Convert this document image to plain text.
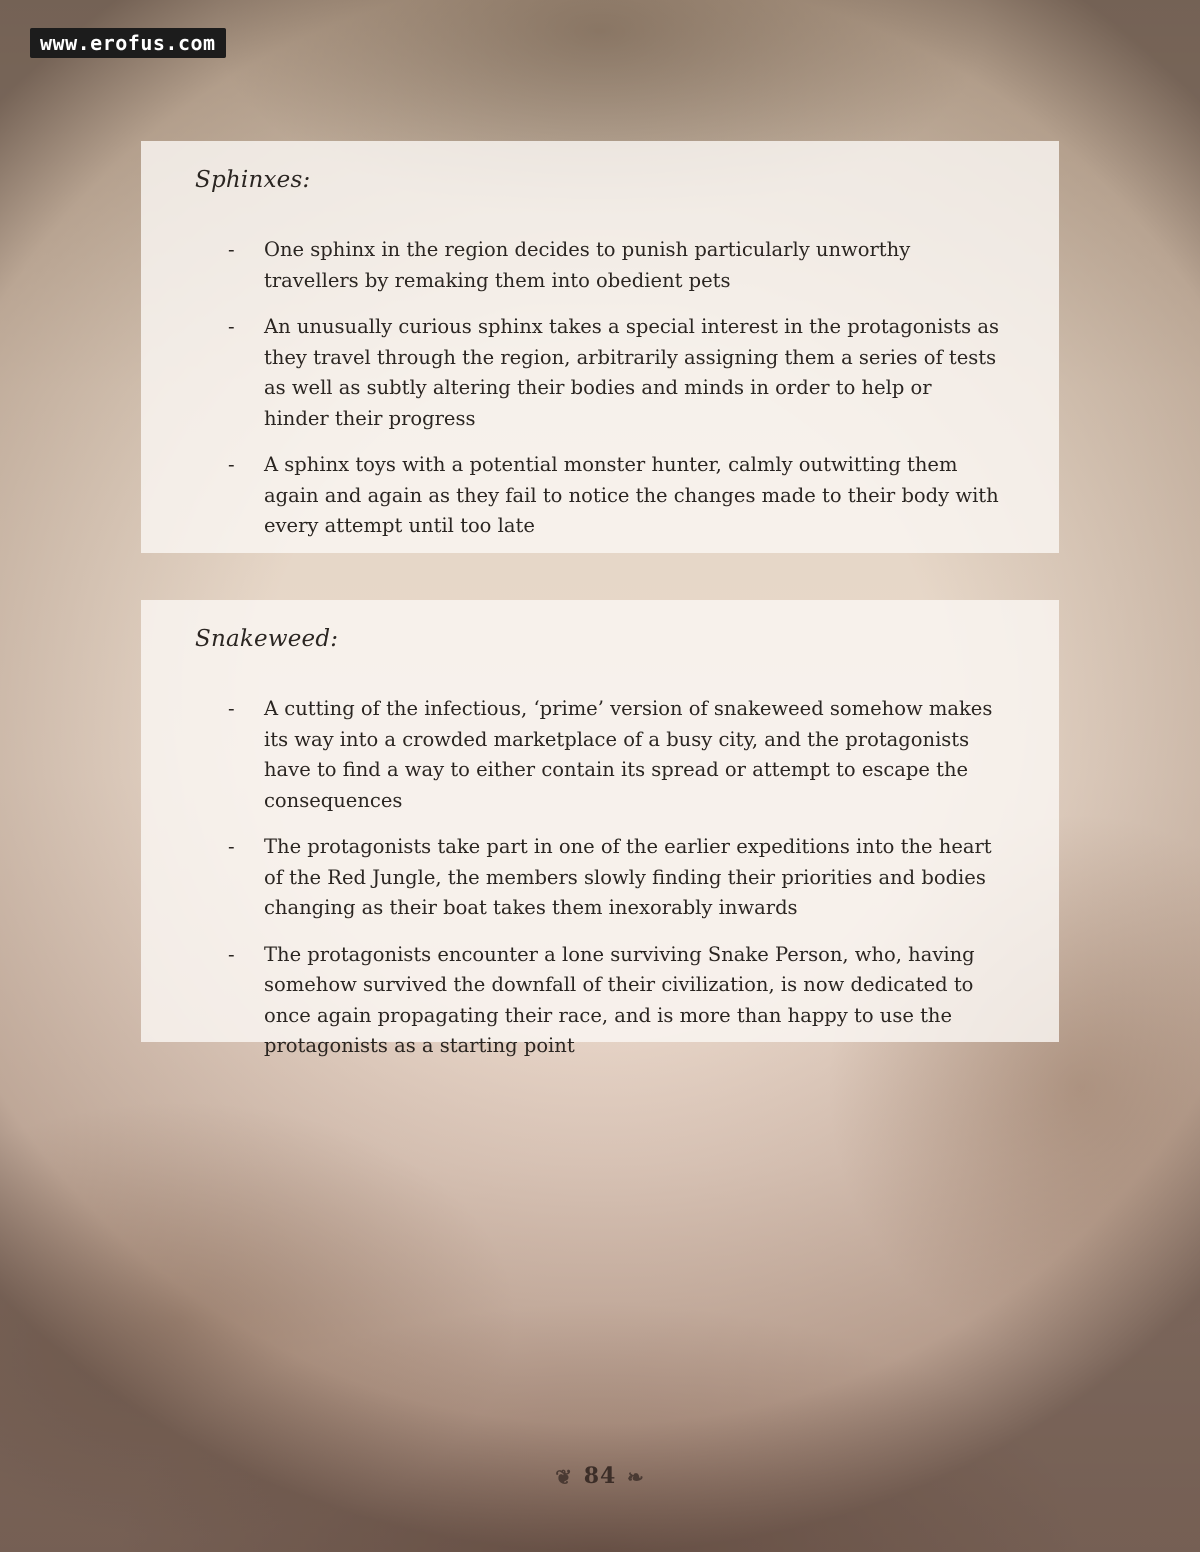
www.erofus.com
Sphinxes:
- One sphinx in the region decides to punish particularly unworthy travellers by remaking them into obedient pets
- An unusually curious sphinx takes a special interest in the protagonists as they travel through the region, arbitrarily assigning them a series of tests as well as subtly altering their bodies and minds in order to help or hinder their progress
- A sphinx toys with a potential monster hunter, calmly outwitting them again and again as they fail to notice the changes made to their body with every attempt until too late
Snakeweed:
- A cutting of the infectious, ‘prime’ version of snakeweed somehow makes its way into a crowded marketplace of a busy city, and the protagonists have to find a way to either contain its spread or attempt to escape the consequences
- The protagonists take part in one of the earlier expeditions into the heart of the Red Jungle, the members slowly finding their priorities and bodies changing as their boat takes them inexorably inwards
- The protagonists encounter a lone surviving Snake Person, who, having somehow survived the downfall of their civilization, is now dedicated to once again propagating their race, and is more than happy to use the protagonists as a starting point
❦ 84 ❧
